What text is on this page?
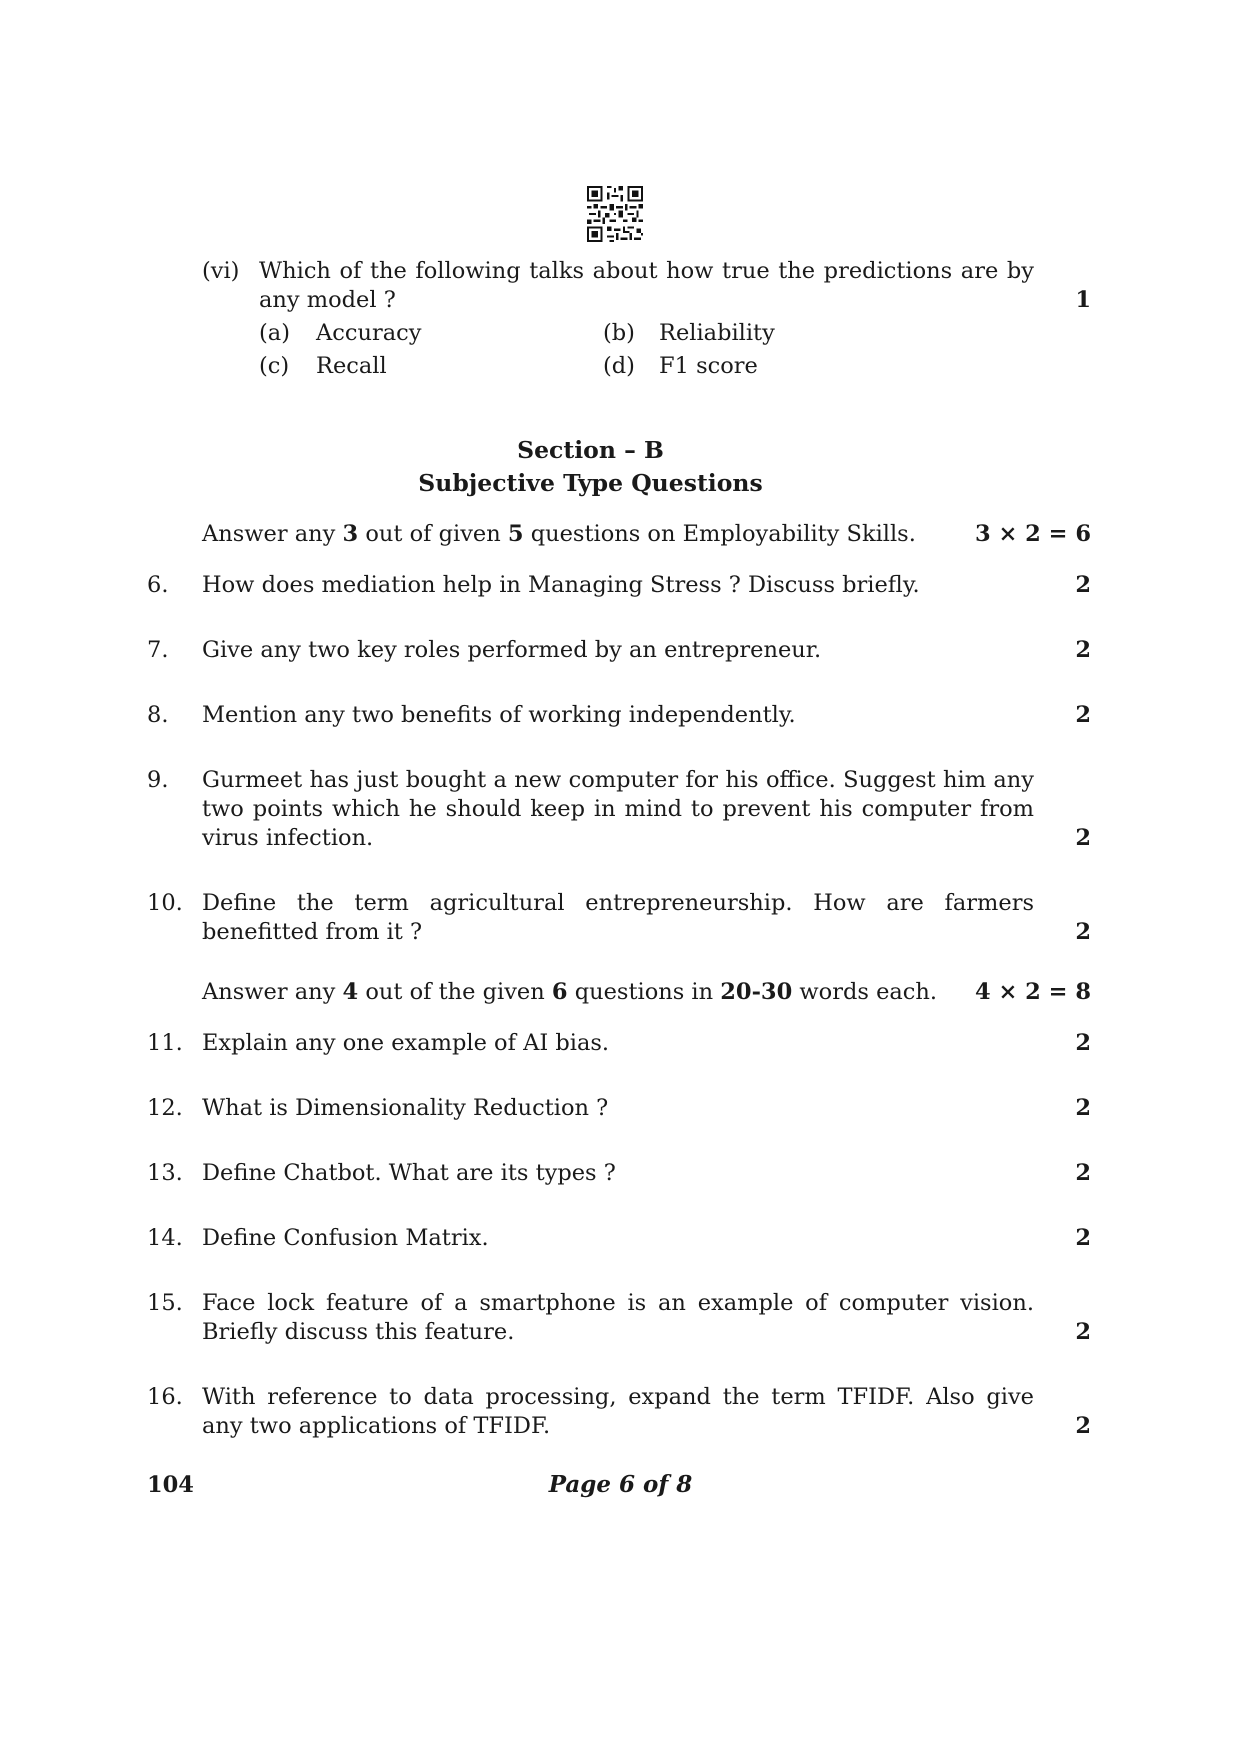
(vi) Which of the following talks about how true the predictions are by
any model ?	1
(a) Accuracy	(b) Reliability
(c) Recall	(d) F1 score
Section – B
Subjective Type Questions
Answer any 3 out of given 5 questions on Employability Skills.	3 × 2 = 6
6. How does mediation help in Managing Stress ? Discuss briefly.	2
7. Give any two key roles performed by an entrepreneur.	2
8. Mention any two benefits of working independently.	2
9. Gurmeet has just bought a new computer for his office. Suggest him any two points which he should keep in mind to prevent his computer from virus infection.	2
10. Define the term agricultural entrepreneurship. How are farmers benefitted from it ?	2
Answer any 4 out of the given 6 questions in 20-30 words each. 4 × 2 = 8
11. Explain any one example of AI bias.	2
12. What is Dimensionality Reduction ?	2
13. Define Chatbot. What are its types ?	2
14. Define Confusion Matrix.	2
15. Face lock feature of a smartphone is an example of computer vision. Briefly discuss this feature.	2
16. With reference to data processing, expand the term TFIDF. Also give any two applications of TFIDF.	2
104	Page 6 of 8
